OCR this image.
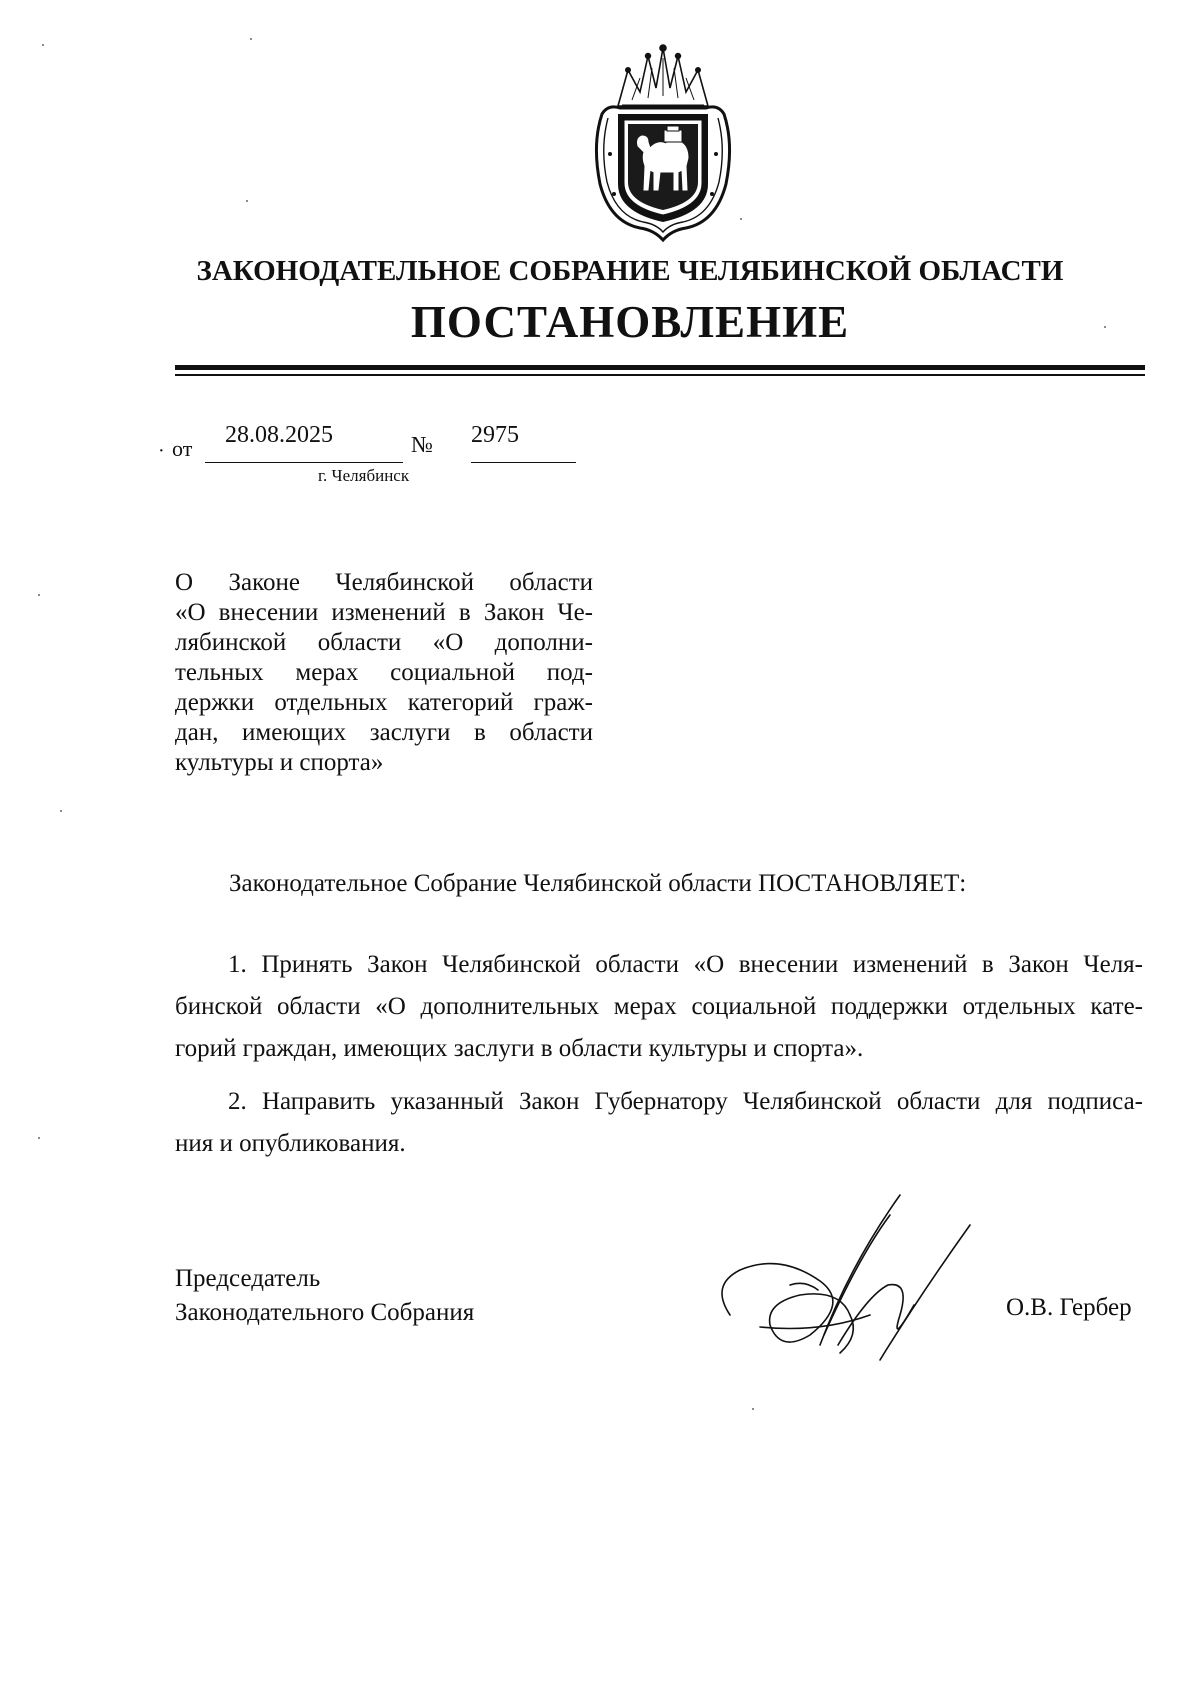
ЗАКОНОДАТЕЛЬНОЕ СОБРАНИЕ ЧЕЛЯБИНСКОЙ ОБЛАСТИ
ПОСТАНОВЛЕНИЕ
· от
28.08.2025	№ 2975
г. Челябинск
О Законе Челябинской области
«О внесении изменений в Закон Че-
лябинской области «О дополни-
тельных мерах социальной под-
держки отдельных категорий граж-
дан, имеющих заслуги в области
культуры и спорта»
Законодательное Собрание Челябинской области ПОСТАНОВЛЯЕТ:
1. Принять Закон Челябинской области «О внесении изменений в Закон Челя-
бинской области «О дополнительных мерах социальной поддержки отдельных кате-
горий граждан, имеющих заслуги в области культуры и спорта».
2. Направить указанный Закон Губернатору Челябинской области для подписа-
ния и опубликования.
Председатель
Законодательного Собрания	О.В. Гербер
